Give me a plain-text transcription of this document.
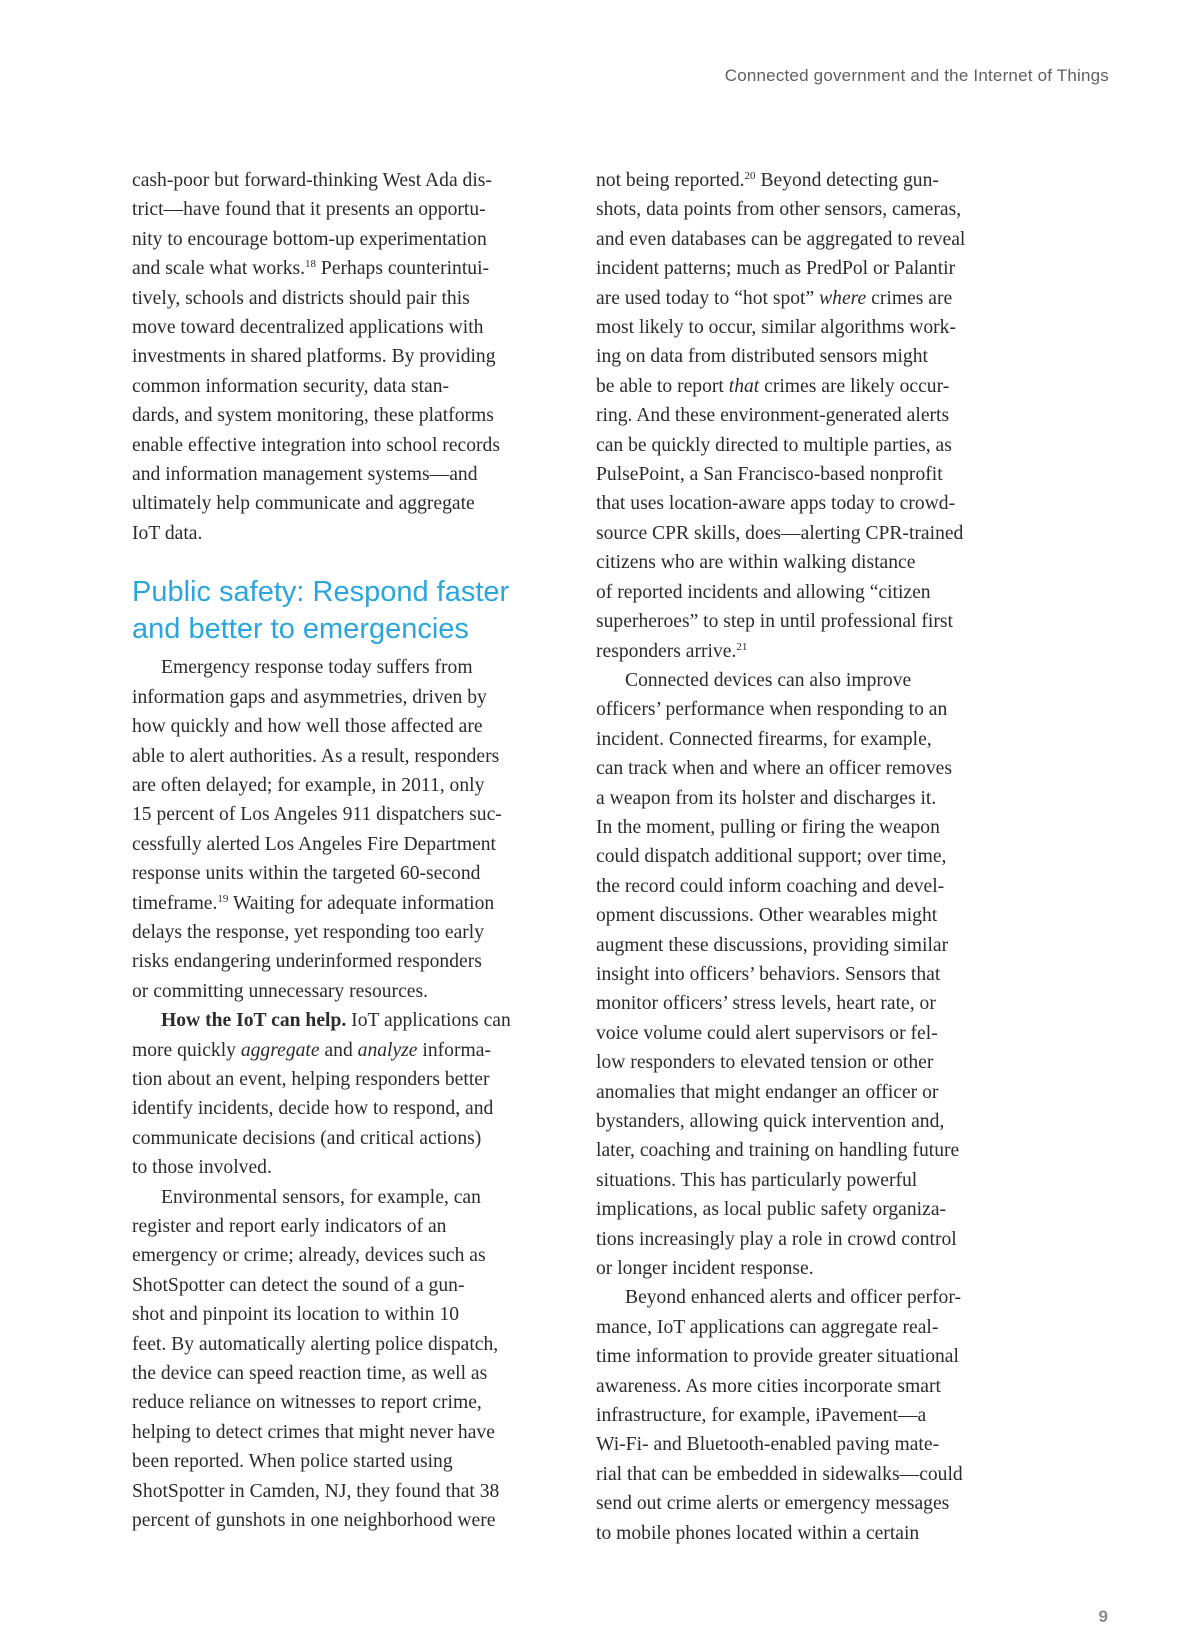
Connected government and the Internet of Things
cash-poor but forward-thinking West Ada dis-
trict—have found that it presents an opportu-
nity to encourage bottom-up experimentation
and scale what works.$^{18}$ Perhaps counterintui-
tively, schools and districts should pair this
move toward decentralized applications with
investments in shared platforms. By providing
common information security, data stan-
dards, and system monitoring, these platforms
enable effective integration into school records
and information management systems—and
ultimately help communicate and aggregate
IoT data.
Public safety: Respond faster
and better to emergencies
Emergency response today suffers from
information gaps and asymmetries, driven by
how quickly and how well those affected are
able to alert authorities. As a result, responders
are often delayed; for example, in 2011, only
15 percent of Los Angeles 911 dispatchers suc-
cessfully alerted Los Angeles Fire Department
response units within the targeted 60-second
timeframe.$^{19}$ Waiting for adequate information
delays the response, yet responding too early
risks endangering underinformed responders
or committing unnecessary resources.
How the IoT can help. IoT applications can
more quickly aggregate and analyze informa-
tion about an event, helping responders better
identify incidents, decide how to respond, and
communicate decisions (and critical actions)
to those involved.
Environmental sensors, for example, can
register and report early indicators of an
emergency or crime; already, devices such as
ShotSpotter can detect the sound of a gun-
shot and pinpoint its location to within 10
feet. By automatically alerting police dispatch,
the device can speed reaction time, as well as
reduce reliance on witnesses to report crime,
helping to detect crimes that might never have
been reported. When police started using
ShotSpotter in Camden, NJ, they found that 38
percent of gunshots in one neighborhood were
not being reported.$^{20}$ Beyond detecting gun-
shots, data points from other sensors, cameras,
and even databases can be aggregated to reveal
incident patterns; much as PredPol or Palantir
are used today to “hot spot” where crimes are
most likely to occur, similar algorithms work-
ing on data from distributed sensors might
be able to report that crimes are likely occur-
ring. And these environment-generated alerts
can be quickly directed to multiple parties, as
PulsePoint, a San Francisco-based nonprofit
that uses location-aware apps today to crowd-
source CPR skills, does—alerting CPR-trained
citizens who are within walking distance
of reported incidents and allowing “citizen
superheroes” to step in until professional first
responders arrive.$^{21}$
Connected devices can also improve
officers’ performance when responding to an
incident. Connected firearms, for example,
can track when and where an officer removes
a weapon from its holster and discharges it.
In the moment, pulling or firing the weapon
could dispatch additional support; over time,
the record could inform coaching and devel-
opment discussions. Other wearables might
augment these discussions, providing similar
insight into officers’ behaviors. Sensors that
monitor officers’ stress levels, heart rate, or
voice volume could alert supervisors or fel-
low responders to elevated tension or other
anomalies that might endanger an officer or
bystanders, allowing quick intervention and,
later, coaching and training on handling future
situations. This has particularly powerful
implications, as local public safety organiza-
tions increasingly play a role in crowd control
or longer incident response.
Beyond enhanced alerts and officer perfor-
mance, IoT applications can aggregate real-
time information to provide greater situational
awareness. As more cities incorporate smart
infrastructure, for example, iPavement—a
Wi-Fi- and Bluetooth-enabled paving mate-
rial that can be embedded in sidewalks—could
send out crime alerts or emergency messages
to mobile phones located within a certain
9
